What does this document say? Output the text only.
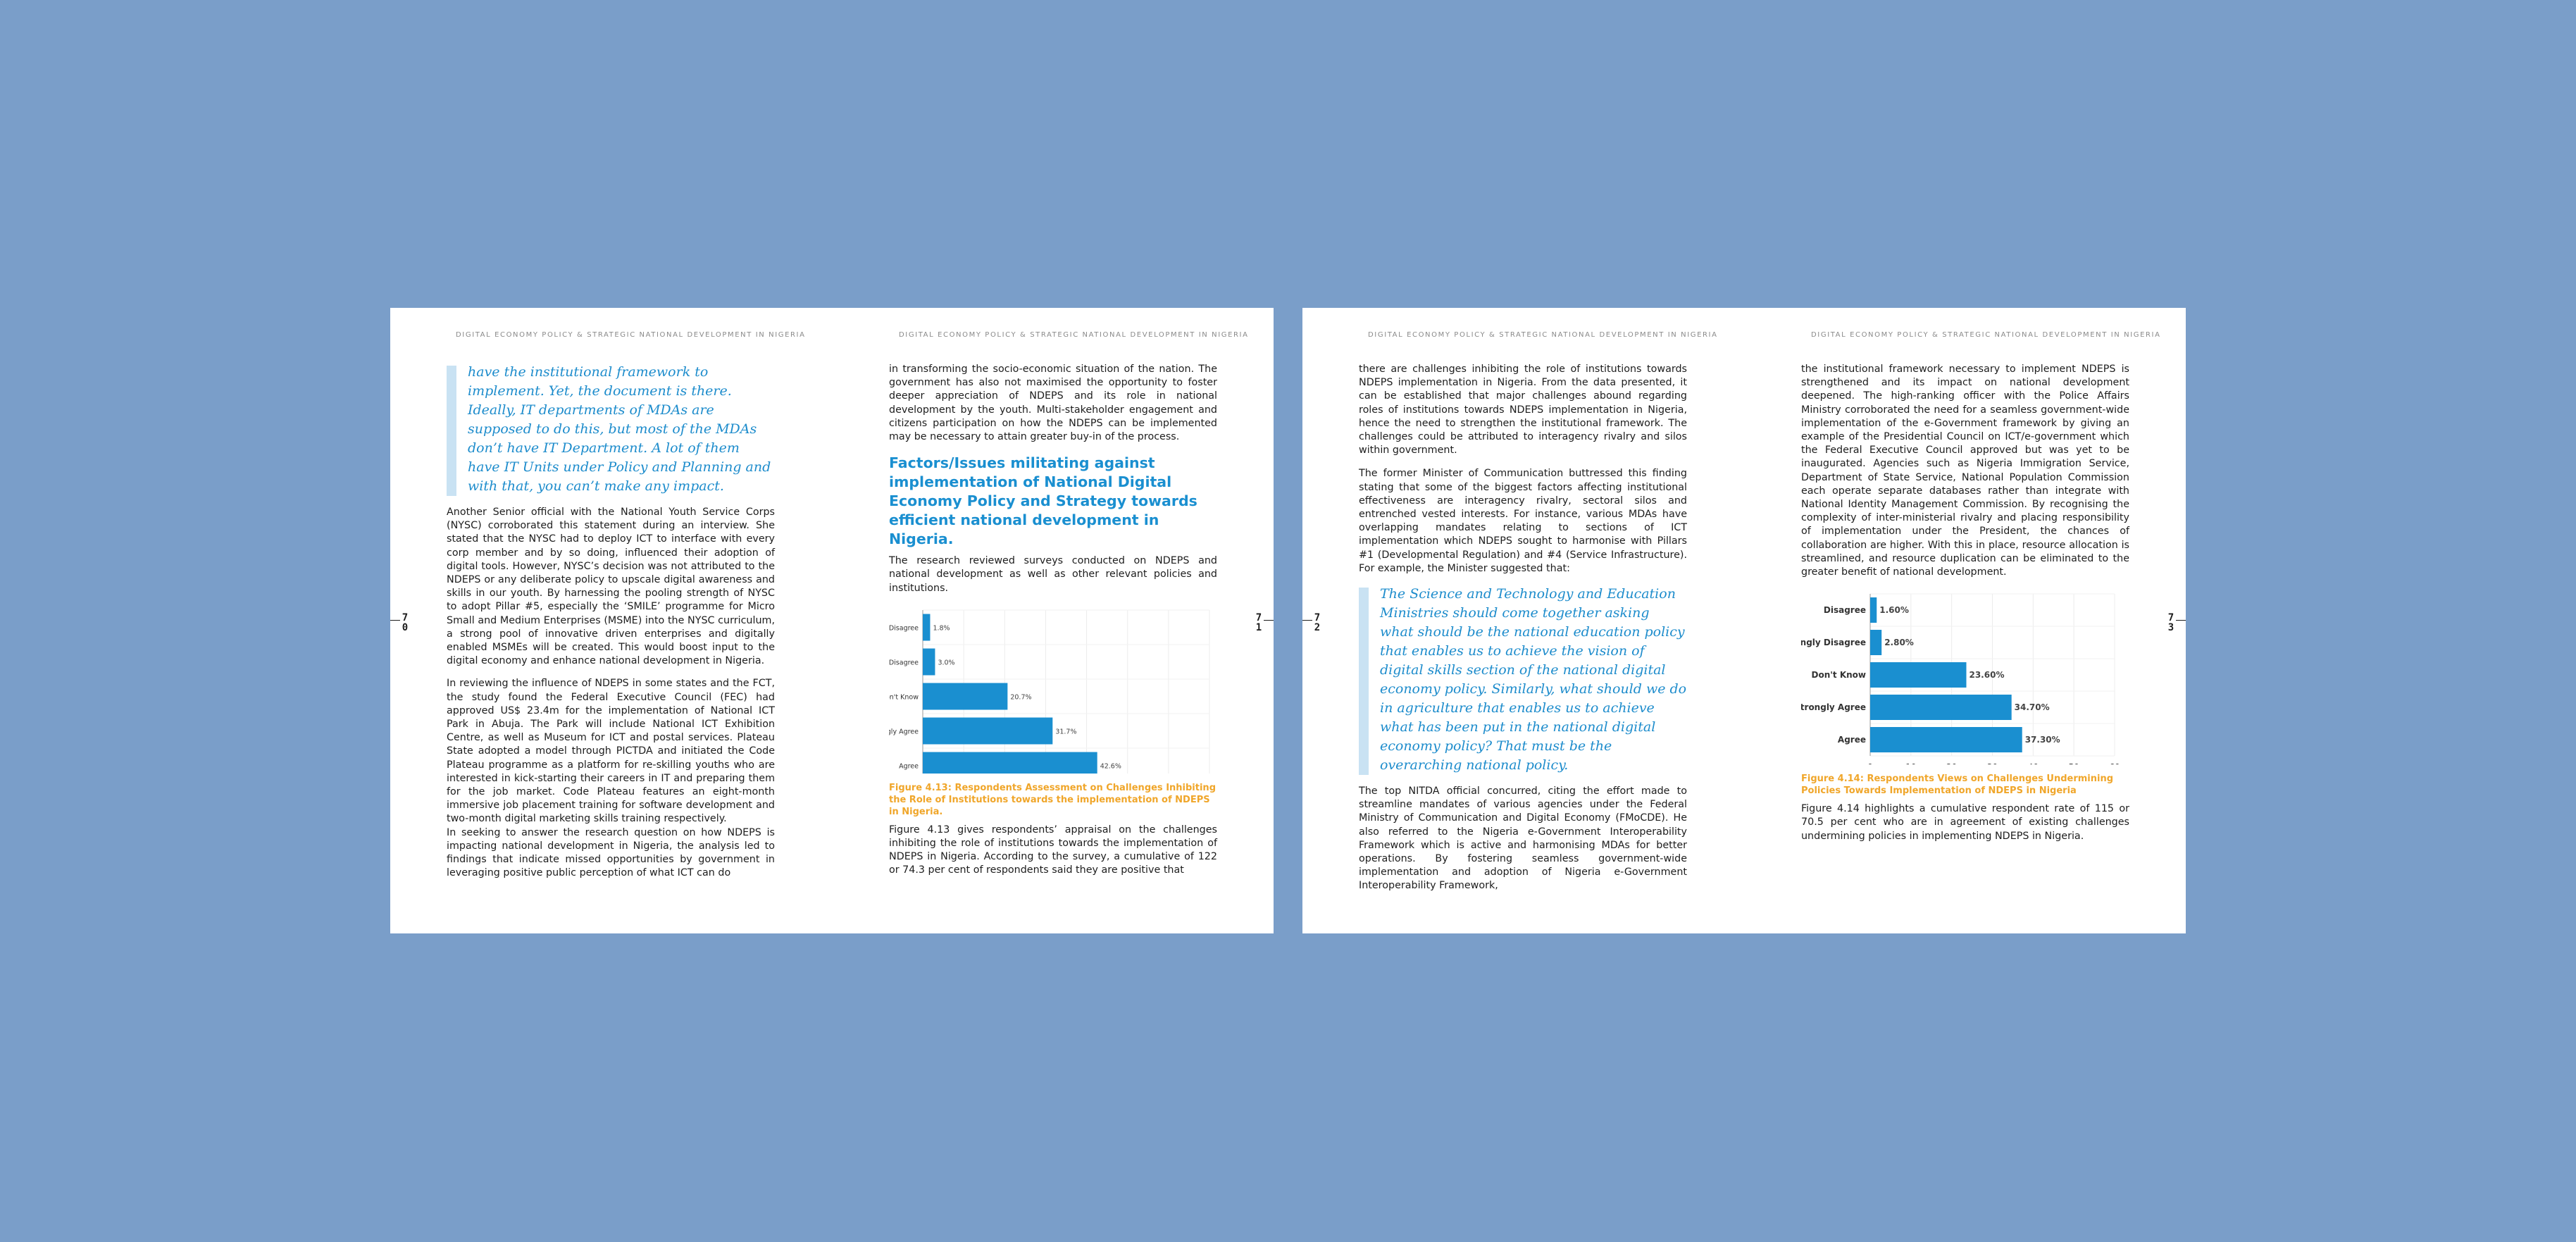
DIGITAL ECONOMY POLICY & STRATEGIC NATIONAL DEVELOPMENT IN NIGERIA	DIGITAL ECONOMY POLICY & STRATEGIC NATIONAL DEVELOPMENT IN NIGERIA
7
0
7
1
have the institutional framework to implement. Yet, the document is there. Ideally, IT departments of MDAs are supposed to do this, but most of the MDAs don’t have IT Department. A lot of them have IT Units under Policy and Planning and with that, you can’t make any impact.

Another Senior official with the National Youth Service Corps (NYSC) corroborated this statement during an interview. She stated that the NYSC had to deploy ICT to interface with every corp member and by so doing, influenced their adoption of digital tools. However, NYSC’s decision was not attributed to the NDEPS or any deliberate policy to upscale digital awareness and skills in our youth. By harnessing the pooling strength of NYSC to adopt Pillar #5, especially the ‘SMILE’ programme for Micro Small and Medium Enterprises (MSME) into the NYSC curriculum, a strong pool of innovative driven enterprises and digitally enabled MSMEs will be created. This would boost input to the digital economy and enhance national development in Nigeria.

In reviewing the influence of NDEPS in some states and the FCT, the study found the Federal Executive Council (FEC) had approved US$ 23.4m for the implementation of National ICT Park in Abuja. The Park will include National ICT Exhibition Centre, as well as Museum for ICT and postal services. Plateau State adopted a model through PICTDA and initiated the Code Plateau programme as a platform for re-skilling youths who are interested in kick-starting their careers in IT and preparing them for the job market. Code Plateau features an eight-month immersive job placement training for software development and two-month digital marketing skills training respectively.

In seeking to answer the research question on how NDEPS is impacting national development in Nigeria, the analysis led to findings that indicate missed opportunities by government in leveraging positive public perception of what ICT can do

in transforming the socio-economic situation of the nation. The government has also not maximised the opportunity to foster deeper appreciation of NDEPS and its role in national development by the youth. Multi-stakeholder engagement and citizens participation on how the NDEPS can be implemented may be necessary to attain greater buy-in of the process.

Factors/Issues militating against implementation of National Digital Economy Policy and Strategy towards efficient national development in Nigeria.

The research reviewed surveys conducted on NDEPS and national development as well as other relevant policies and institutions.

Disagree 1.8%
Disagree	3.0%
n't Know	20.7%
ly Agree	31.7%
Agree	42.6%
Figure 4.13: Respondents Assessment on Challenges Inhibiting the Role of Institutions towards the implementation of NDEPS in Nigeria.

Figure 4.13 gives respondents’ appraisal on the challenges inhibiting the role of institutions towards the implementation of NDEPS in Nigeria. According to the survey, a cumulative of 122 or 74.3 per cent of respondents said they are positive that

DIGITAL ECONOMY POLICY & STRATEGIC NATIONAL DEVELOPMENT IN NIGERIA	DIGITAL ECONOMY POLICY & STRATEGIC NATIONAL DEVELOPMENT IN NIGERIA
7
2
7
3

there are challenges inhibiting the role of institutions towards NDEPS implementation in Nigeria. From the data presented, it can be established that major challenges abound regarding roles of institutions towards NDEPS implementation in Nigeria, hence the need to strengthen the institutional framework. The challenges could be attributed to interagency rivalry and silos within government.

The former Minister of Communication buttressed this finding stating that some of the biggest factors affecting institutional effectiveness are interagency rivalry, sectoral silos and entrenched vested interests. For instance, various MDAs have overlapping mandates relating to sections of ICT implementation which NDEPS sought to harmonise with Pillars #1 (Developmental Regulation) and #4 (Service Infrastructure). For example, the Minister suggested that:

The Science and Technology and Education Ministries should come together asking what should be the national education policy that enables us to achieve the vision of digital skills section of the national digital economy policy. Similarly, what should we do in agriculture that enables us to achieve what has been put in the national digital economy policy? That must be the overarching national policy.

The top NITDA official concurred, citing the effort made to streamline mandates of various agencies under the Federal Ministry of Communication and Digital Economy (FMoCDE). He also referred to the Nigeria e-Government Interoperability Framework which is active and harmonising MDAs for better operations. By fostering seamless government-wide implementation and adoption of Nigeria e-Government Interoperability Framework,

the institutional framework necessary to implement NDEPS is strengthened and its impact on national development deepened. The high-ranking officer with the Police Affairs Ministry corroborated the need for a seamless government-wide implementation of the e-Government framework by giving an example of the Presidential Council on ICT/e-government which the Federal Executive Council approved but was yet to be inaugurated. Agencies such as Nigeria Immigration Service, Department of State Service, National Population Commission each operate separate databases rather than integrate with National Identity Management Commission. By recognising the complexity of inter-ministerial rivalry and placing responsibility of implementation under the President, the chances of collaboration are higher. With this in place, resource allocation is streamlined, and resource duplication can be eliminated to the greater benefit of national development.

Disagree 1.60%
ngly Disagree 2.80%
Don't Know	23.60%
Strongly Agree	34.70%
Agree	37.30%
Figure 4.14: Respondents Views on Challenges Undermining Policies Towards Implementation of NDEPS in Nigeria

Figure 4.14 highlights a cumulative respondent rate of 115 or 70.5 per cent who are in agreement of existing challenges undermining policies in implementing NDEPS in Nigeria.
